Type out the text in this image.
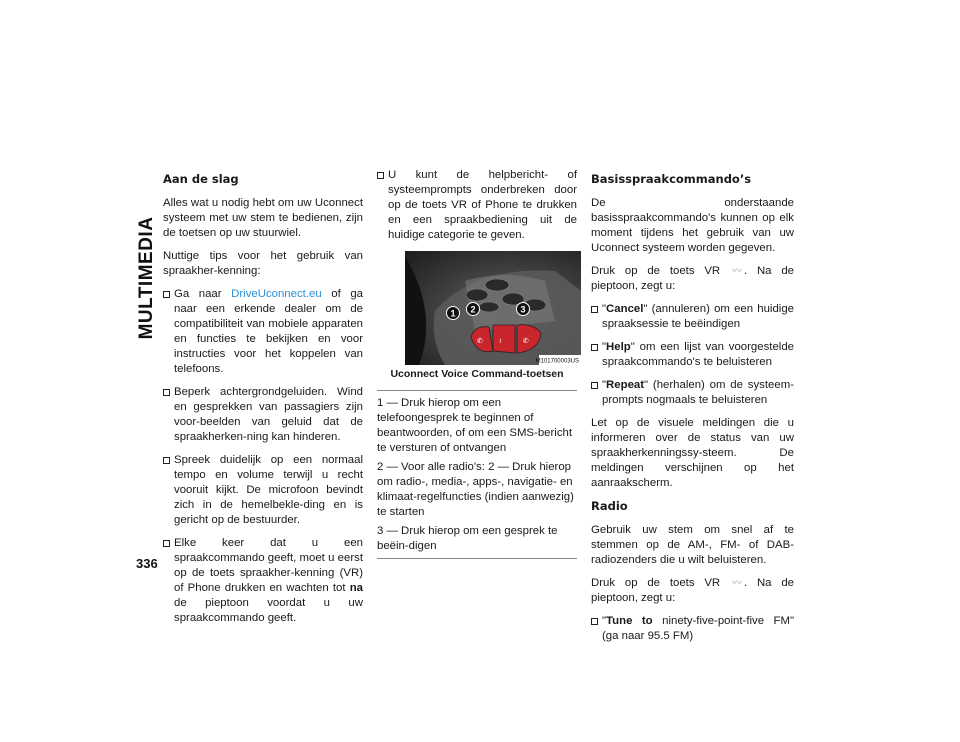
MULTIMEDIA
336
Aan de slag

Alles wat u nodig hebt om uw Uconnect systeem met uw stem te bedienen, zijn de toetsen op uw stuurwiel.

Nuttige tips voor het gebruik van spraakher-kenning:

Ga naar DriveUconnect.eu of ga naar een erkende dealer om de compatibiliteit van mobiele apparaten en functies te bekijken en voor instructies voor het koppelen van telefoons.
Beperk achtergrondgeluiden. Wind en gesprekken van passagiers zijn voor-beelden van geluid dat de spraakherken-ning kan hinderen.
Spreek duidelijk op een normaal tempo en volume terwijl u recht vooruit kijkt. De microfoon bevindt zich in de hemelbekle-ding en is gericht op de bestuurder.
Elke keer dat u een spraakcommando geeft, moet u eerst op de toets spraakher-kenning (VR) of Phone drukken en wachten tot na de pieptoon voordat u uw spraakcommando geeft.
U kunt de helpbericht- of systeemprompts onderbreken door op de toets VR of Phone te drukken en een spraakbediening uit de huidige categorie te geven.
✆ ≀	✆
1 2	3
M101700003US
Uconnect Voice Command-toetsen

1 — Druk hierop om een telefoongesprek te beginnen of beantwoorden, of om een SMS-bericht te versturen of ontvangen

2 — Voor alle radio's: 2 — Druk hierop om radio-, media-, apps-, navigatie- en klimaat-regelfuncties (indien aanwezig) te starten

3 — Druk hierop om een gesprek te beëin-digen

Basisspraakcommando’s

De onderstaande basisspraakcommando's kunnen op elk moment tijdens het gebruik van uw Uconnect systeem worden gegeven.

Druk op de toets VR 〰 . Na de pieptoon, zegt u:

"Cancel" (annuleren) om een huidige spraaksessie te beëindigen
"Help" om een lijst van voorgestelde spraakcommando's te beluisteren
"Repeat" (herhalen) om de systeem-prompts nogmaals te beluisteren

Let op de visuele meldingen die u informeren over de status van uw spraakherkenningssy-steem. De meldingen verschijnen op het aanraakscherm.

Radio

Gebruik uw stem om snel af te stemmen op de AM-, FM- of DAB-radiozenders die u wilt beluisteren.

Druk op de toets VR 〰 . Na de pieptoon, zegt u:

"Tune to ninety-five-point-five FM" (ga naar 95.5 FM)
